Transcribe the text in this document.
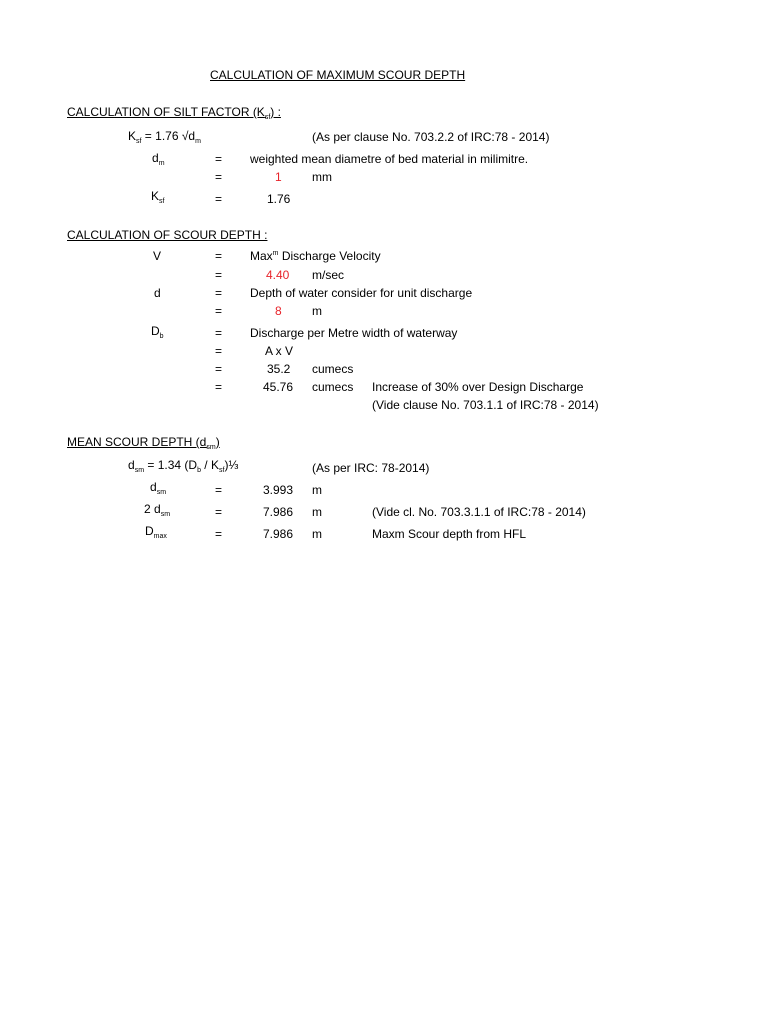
CALCULATION OF MAXIMUM SCOUR DEPTH
CALCULATION OF SILT FACTOR $(K_{sf})$ :
$K_{sf} = 1.76$ $√d_m$	(As per clause No. 703.2.2 of IRC:78 - 2014)
$d_m$	= weighted mean diametre of bed material in milimitre.
=	1	mm
$K_{sf}$	=	1.76
CALCULATION OF SCOUR DEPTH :
V	= Max$^m$ Discharge Velocity
=	4.40 m/sec
d	= Depth of water consider for unit discharge
=	8	m
$D_b$	= Discharge per Metre width of waterway
=	A x V
=	35.2 cumecs
=	45.76 cumecs Increase of 30% over Design Discharge
(Vide clause No. 703.1.1 of IRC:78 - 2014)
MEAN SCOUR DEPTH $(d_{sm})$
$d_{sm} = 1.34$ ($D_b$ / $K_{sf})\frac{1}{3}$	(As per IRC: 78-2014)
$d_{sm}$	=	3.993 m
2 $d_{sm}$	=	7.986 m	(Vide cl. No. 703.3.1.1 of IRC:78 - 2014)
$D_{max}$	=	7.986 m	Maxm Scour depth from HFL
